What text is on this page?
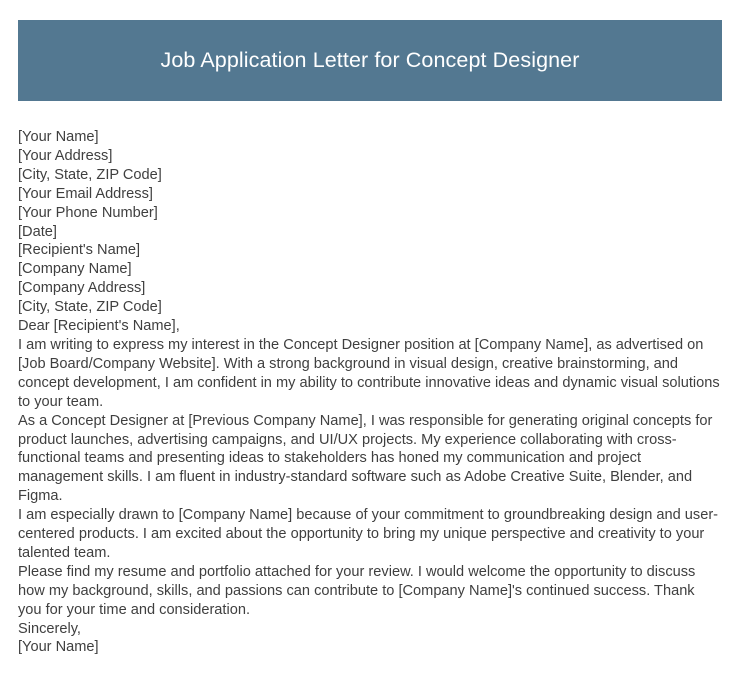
Job Application Letter for Concept Designer
[Your Name]
[Your Address]
[City, State, ZIP Code]
[Your Email Address]
[Your Phone Number]
[Date]
[Recipient's Name]
[Company Name]
[Company Address]
[City, State, ZIP Code]
Dear [Recipient's Name],

I am writing to express my interest in the Concept Designer position at [Company Name], as advertised on [Job Board/Company Website]. With a strong background in visual design, creative brainstorming, and concept development, I am confident in my ability to contribute innovative ideas and dynamic visual solutions to your team.

As a Concept Designer at [Previous Company Name], I was responsible for generating original concepts for product launches, advertising campaigns, and UI/UX projects. My experience collaborating with cross-functional teams and presenting ideas to stakeholders has honed my communication and project management skills. I am fluent in industry-standard software such as Adobe Creative Suite, Blender, and Figma.

I am especially drawn to [Company Name] because of your commitment to groundbreaking design and user-centered products. I am excited about the opportunity to bring my unique perspective and creativity to your talented team.

Please find my resume and portfolio attached for your review. I would welcome the opportunity to discuss how my background, skills, and passions can contribute to [Company Name]'s continued success. Thank you for your time and consideration.

Sincerely,
[Your Name]
